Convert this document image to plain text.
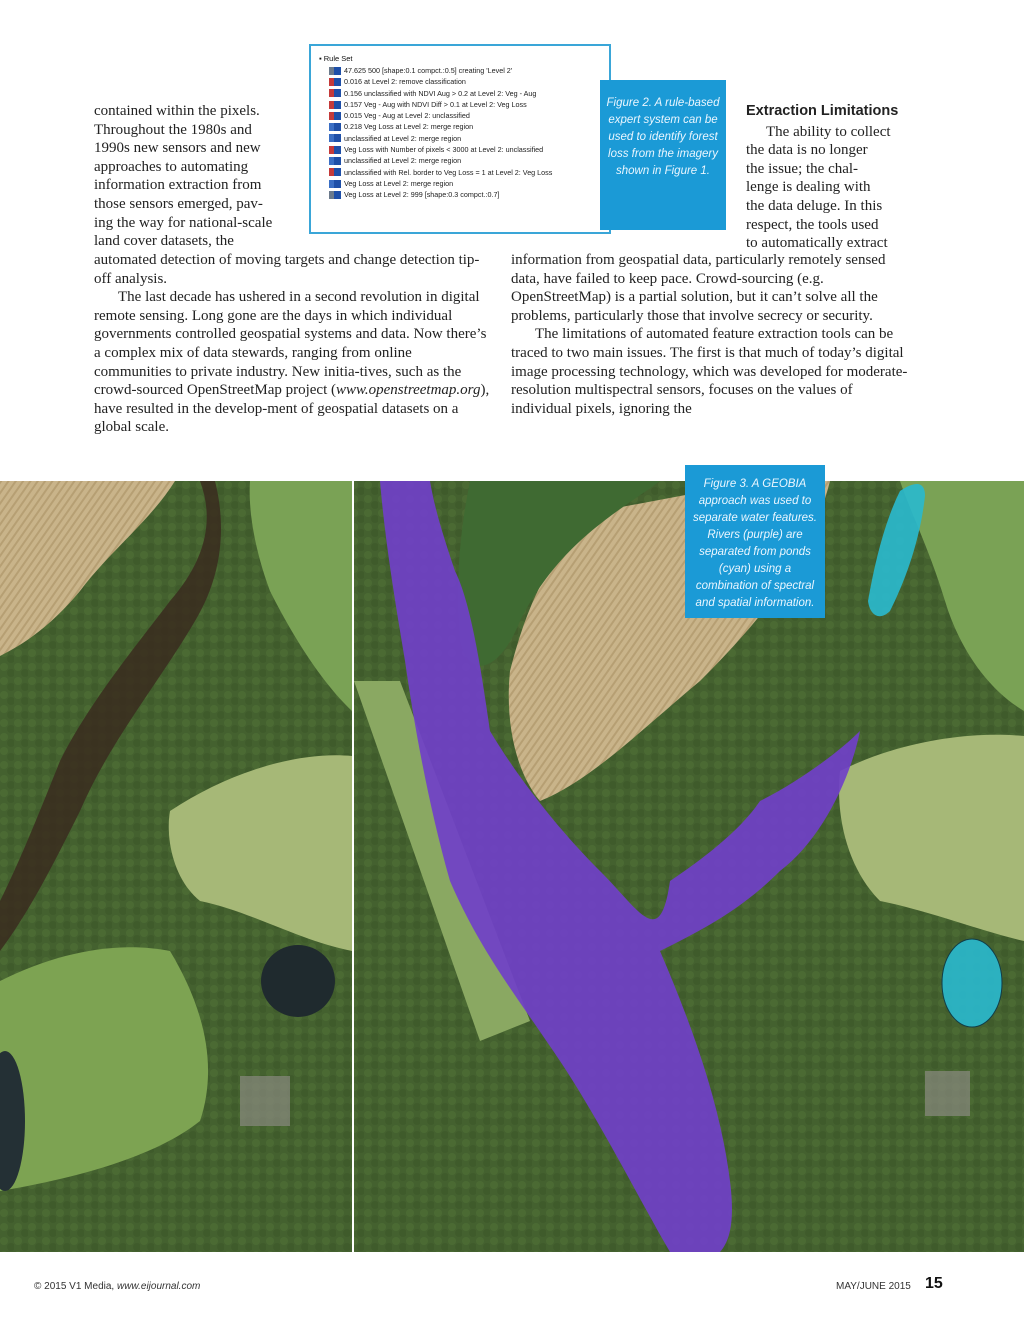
▪ Rule Set
47.625 500 [shape:0.1 compct.:0.5] creating 'Level 2'
0.016 at Level 2: remove classification
0.156 unclassified with NDVI Aug > 0.2 at Level 2: Veg - Aug
0.157 Veg - Aug with NDVI Diff > 0.1 at Level 2: Veg Loss
0.015 Veg - Aug at Level 2: unclassified
0.218 Veg Loss at Level 2: merge region
unclassified at Level 2: merge region
Veg Loss with Number of pixels < 3000 at Level 2: unclassified
unclassified at Level 2: merge region
unclassified with Rel. border to Veg Loss = 1 at Level 2: Veg Loss
Veg Loss at Level 2: merge region
Veg Loss at Level 2: 999 [shape:0.3 compct.:0.7]
Figure 2. A rule-based expert system can be used to identify forest loss from the imagery shown in Figure 1.
contained within the pixels.
Throughout the 1980s and
1990s new sensors and new
approaches to automating
information extraction from
those sensors emerged, pav-
ing the way for national-scale
land cover datasets, the

automated detection of moving targets and change detection tip-off analysis.

The last decade has ushered in a second revolution in digital remote sensing. Long gone are the days in which individual governments controlled geospatial systems and data. Now there’s a complex mix of data stewards, ranging from online communities to private industry. New initia-tives, such as the crowd-sourced OpenStreetMap project (www.openstreetmap.org), have resulted in the develop-ment of geospatial datasets on a global scale.

Extraction Limitations

The ability to collect
the data is no longer
the issue; the chal-
lenge is dealing with
the data deluge. In this
respect, the tools used
to automatically extract

information from geospatial data, particularly remotely sensed data, have failed to keep pace. Crowd-sourcing (e.g. OpenStreetMap) is a partial solution, but it can’t solve all the problems, particularly those that involve secrecy or security.

The limitations of automated feature extraction tools can be traced to two main issues. The first is that much of today’s digital image processing technology, which was developed for moderate-resolution multispectral sensors, focuses on the values of individual pixels, ignoring the

Figure 3. A GEOBIA approach was used to separate water features. Rivers (purple) are separated from ponds (cyan) using a combination of spectral and spatial information.
© 2015 V1 Media, www.eijournal.com	MAY/JUNE 2015 15
